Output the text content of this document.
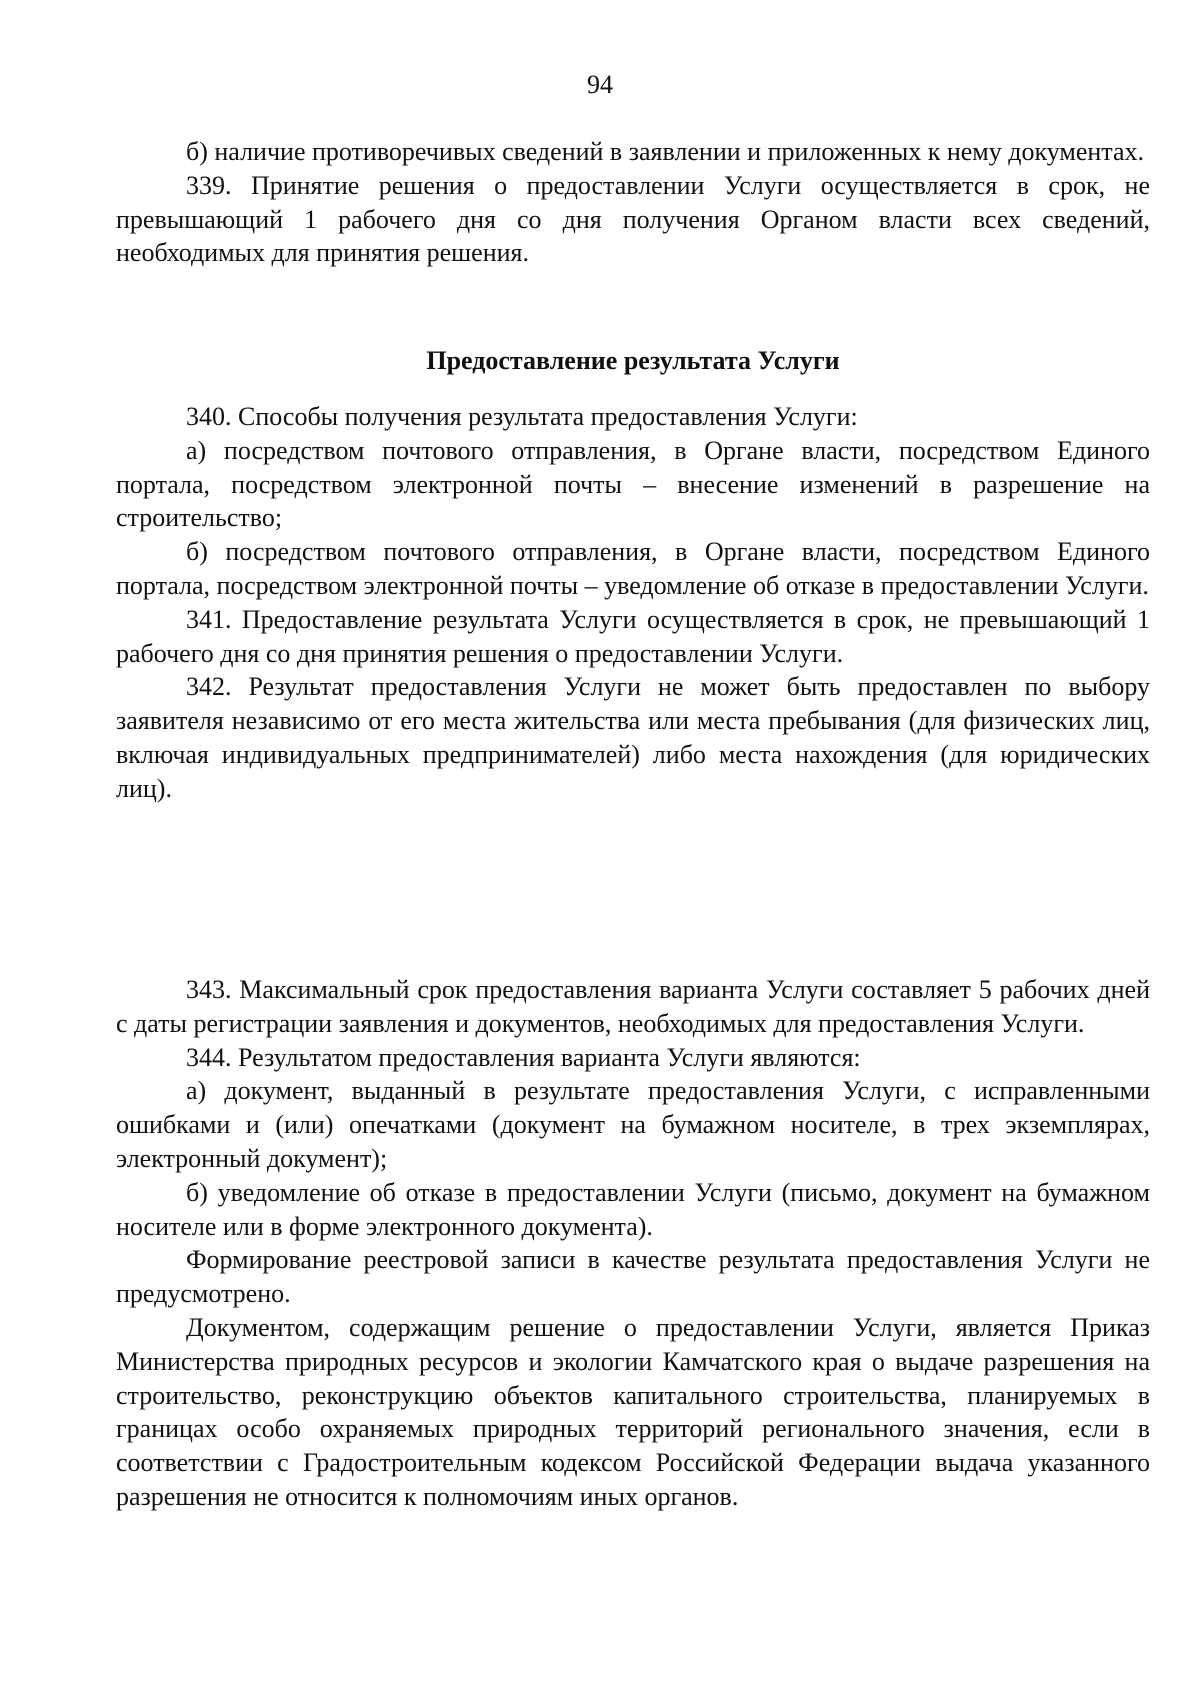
94

б) наличие противоречивых сведений в заявлении и приложенных к нему документах.

339. Принятие решения о предоставлении Услуги осуществляется в срок, не превышающий 1 рабочего дня со дня получения Органом власти всех сведений, необходимых для принятия решения.

Предоставление результата Услуги

340. Способы получения результата предоставления Услуги:

а) посредством почтового отправления, в Органе власти, посредством Единого портала, посредством электронной почты – внесение изменений в разрешение на строительство;

б) посредством почтового отправления, в Органе власти, посредством Единого портала, посредством электронной почты – уведомление об отказе в предоставлении Услуги.

341. Предоставление результата Услуги осуществляется в срок, не превышающий 1 рабочего дня со дня принятия решения о предоставлении Услуги.

342. Результат предоставления Услуги не может быть предоставлен по выбору заявителя независимо от его места жительства или места пребывания (для физических лиц, включая индивидуальных предпринимателей) либо места нахождения (для юридических лиц).

343. Максимальный срок предоставления варианта Услуги составляет 5 рабочих дней с даты регистрации заявления и документов, необходимых для предоставления Услуги.

344. Результатом предоставления варианта Услуги являются:

а) документ, выданный в результате предоставления Услуги, с исправленными ошибками и (или) опечатками (документ на бумажном носителе, в трех экземплярах, электронный документ);

б) уведомление об отказе в предоставлении Услуги (письмо, документ на бумажном носителе или в форме электронного документа).

Формирование реестровой записи в качестве результата предоставления Услуги не предусмотрено.

Документом, содержащим решение о предоставлении Услуги, является Приказ Министерства природных ресурсов и экологии Камчатского края о выдаче разрешения на строительство, реконструкцию объектов капитального строительства, планируемых в границах особо охраняемых природных территорий регионального значения, если в соответствии с Градостроительным кодексом Российской Федерации выдача указанного разрешения не относится к полномочиям иных органов.
